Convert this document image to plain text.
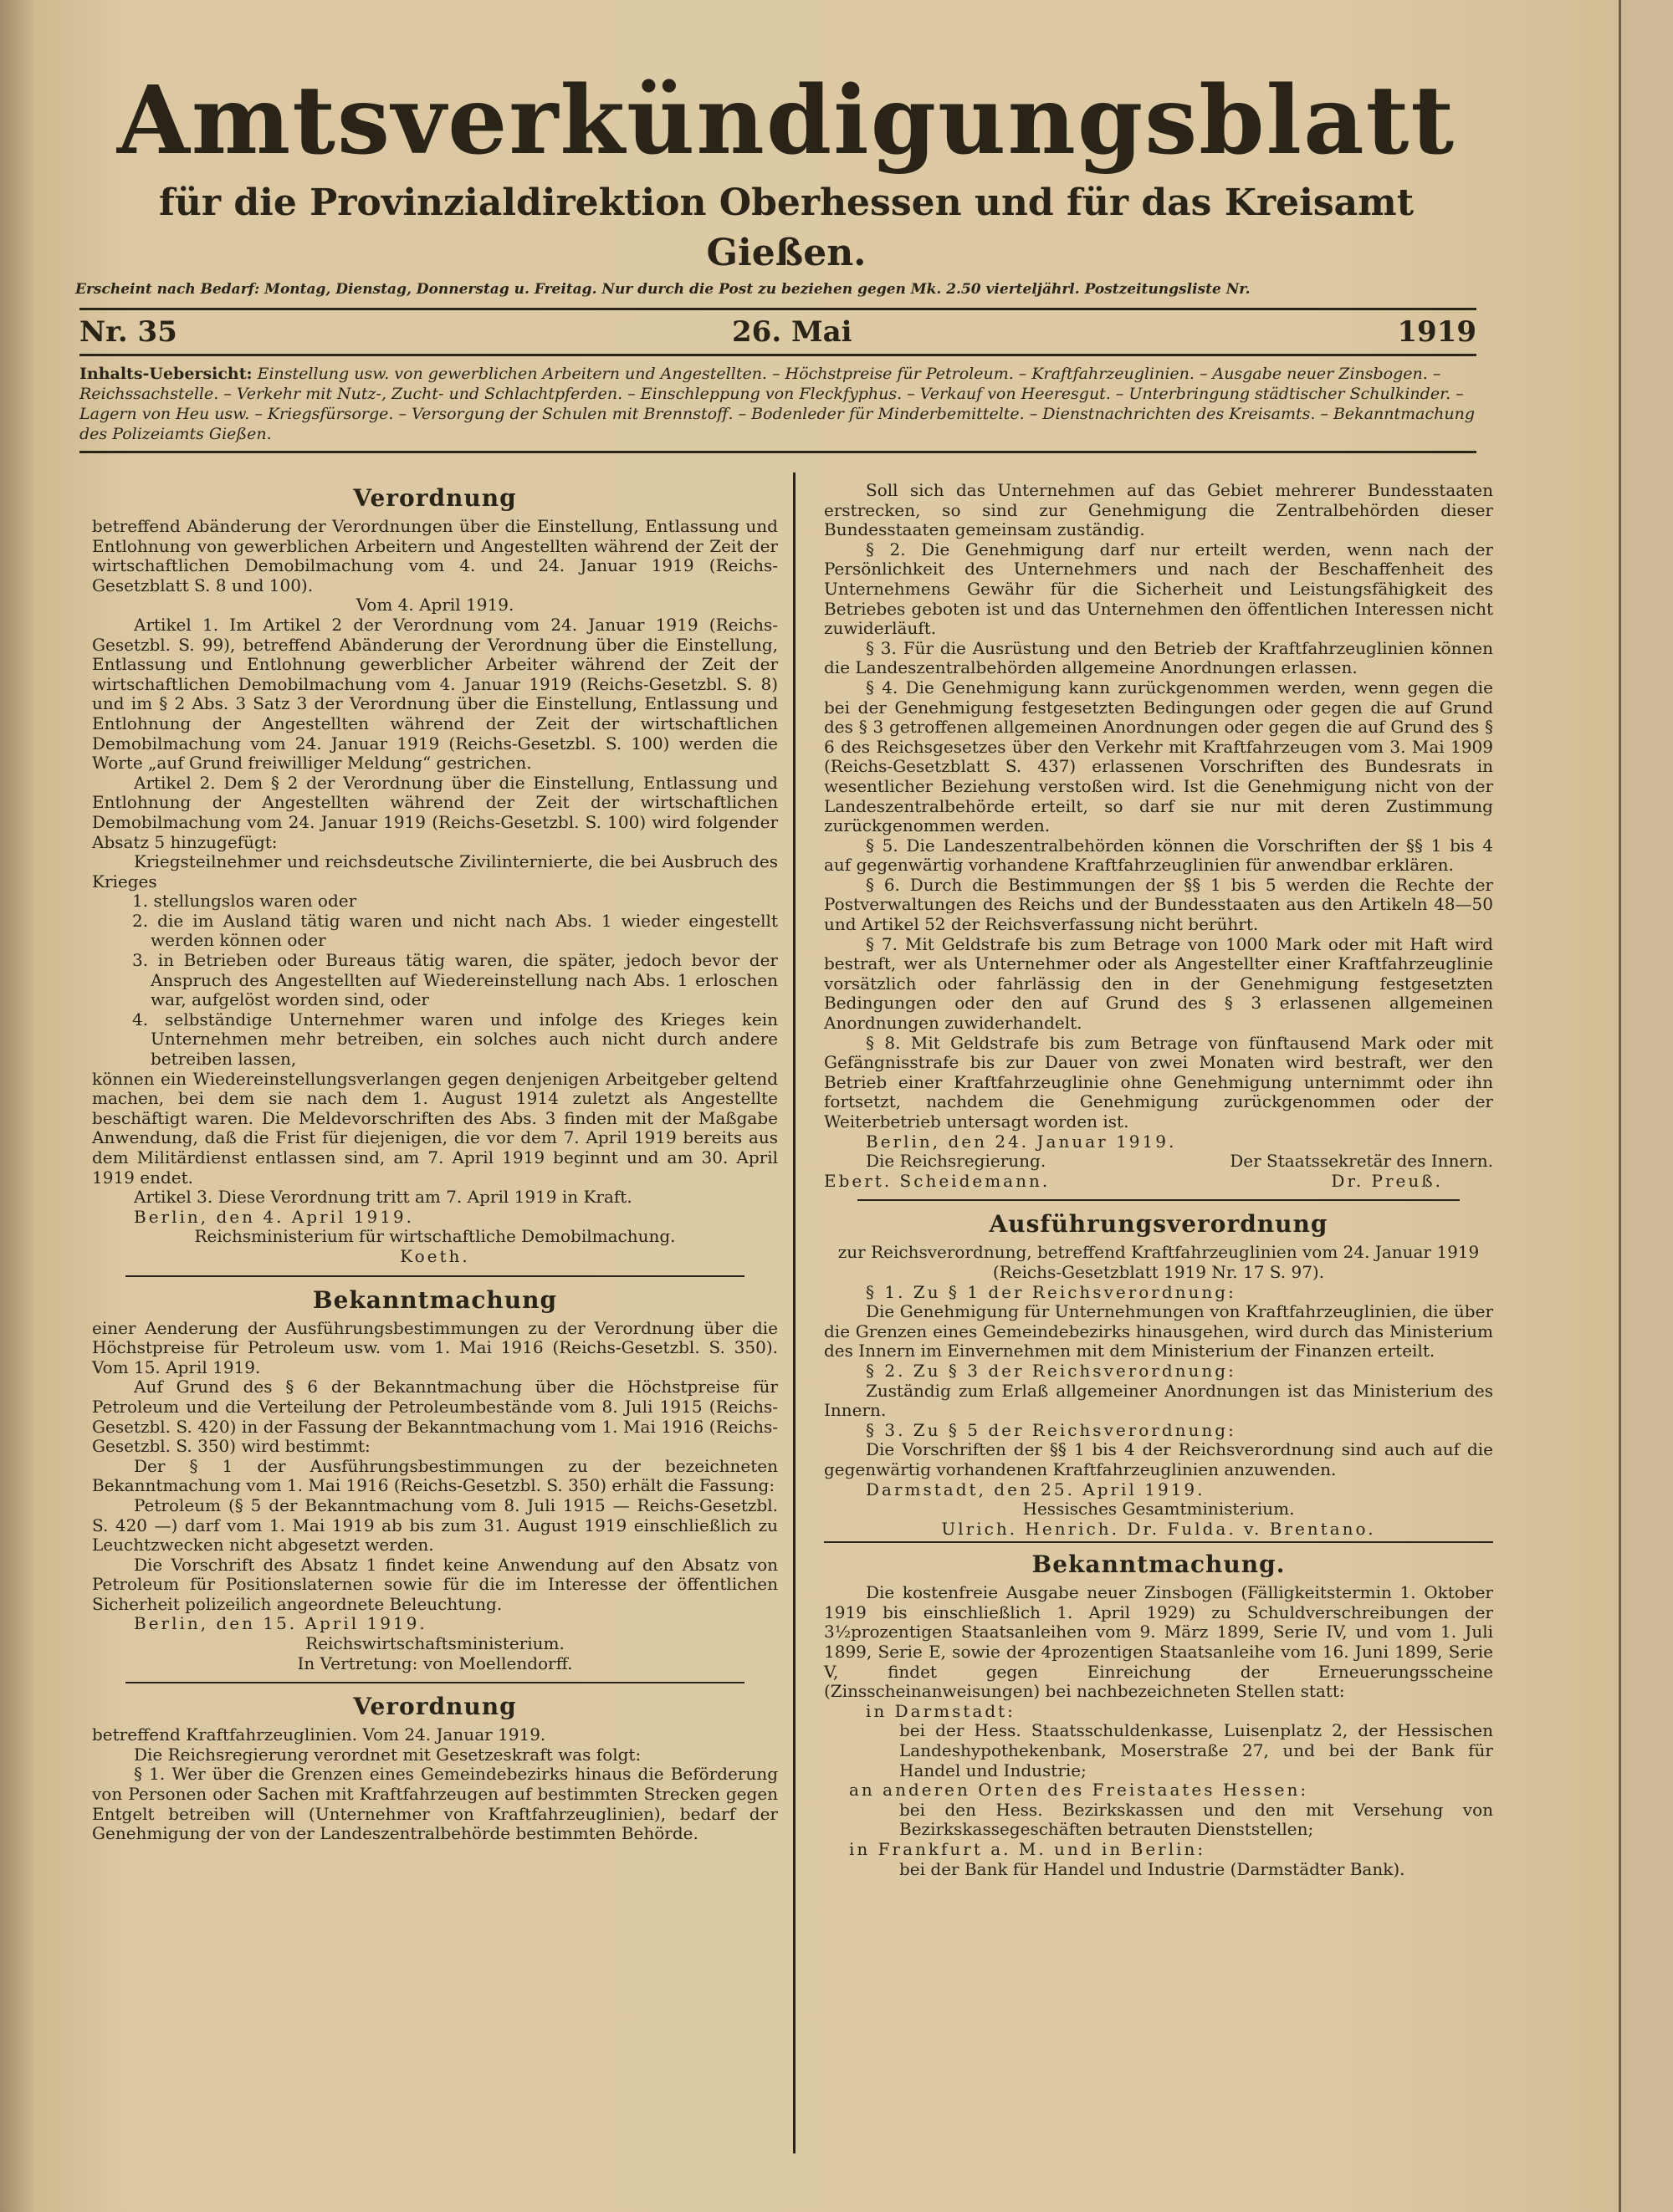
Amtsverkündigungsblatt
für die Provinzialdirektion Oberhessen und für das Kreisamt Gießen.
Erscheint nach Bedarf: Montag, Dienstag, Donnerstag u. Freitag. Nur durch die Post zu beziehen gegen Mk. 2.50 vierteljährl. Postzeitungsliste Nr.
Nr. 35	26. Mai	1919
Inhalts-Uebersicht: Einstellung usw. von gewerblichen Arbeitern und Angestellten. – Höchstpreise für Petroleum. – Kraftfahrzeuglinien. – Ausgabe neuer Zinsbogen. – Reichssachstelle. – Verkehr mit Nutz-, Zucht- und Schlachtpferden. – Einschleppung von Fleckfyphus. – Verkauf von Heeresgut. – Unterbringung städtischer Schulkinder. – Lagern von Heu usw. – Kriegsfürsorge. – Versorgung der Schulen mit Brennstoff. – Bodenleder für Minderbemittelte. – Dienstnachrichten des Kreisamts. – Bekanntmachung des Polizeiamts Gießen.
Verordnung
betreffend Abänderung der Verordnungen über die Einstellung, Entlassung und Entlohnung von gewerblichen Arbeitern und Angestellten während der Zeit der wirtschaftlichen Demobilmachung vom 4. und 24. Januar 1919 (Reichs-Gesetzblatt S. 8 und 100).
Vom 4. April 1919.
Artikel 1. Im Artikel 2 der Verordnung vom 24. Januar 1919 (Reichs-Gesetzbl. S. 99), betreffend Abänderung der Verordnung über die Einstellung, Entlassung und Entlohnung gewerblicher Arbeiter während der Zeit der wirtschaftlichen Demobilmachung vom 4. Januar 1919 (Reichs-Gesetzbl. S. 8) und im § 2 Abs. 3 Satz 3 der Verordnung über die Einstellung, Entlassung und Entlohnung der Angestellten während der Zeit der wirtschaftlichen Demobilmachung vom 24. Januar 1919 (Reichs-Gesetzbl. S. 100) werden die Worte „auf Grund freiwilliger Meldung“ gestrichen.
Artikel 2. Dem § 2 der Verordnung über die Einstellung, Entlassung und Entlohnung der Angestellten während der Zeit der wirtschaftlichen Demobilmachung vom 24. Januar 1919 (Reichs-Gesetzbl. S. 100) wird folgender Absatz 5 hinzugefügt:
Kriegsteilnehmer und reichsdeutsche Zivilinternierte, die bei Ausbruch des Krieges
1. stellungslos waren oder
2. die im Ausland tätig waren und nicht nach Abs. 1 wieder eingestellt werden können oder
3. in Betrieben oder Bureaus tätig waren, die später, jedoch bevor der Anspruch des Angestellten auf Wiedereinstellung nach Abs. 1 erloschen war, aufgelöst worden sind, oder
4. selbständige Unternehmer waren und infolge des Krieges kein Unternehmen mehr betreiben, ein solches auch nicht durch andere betreiben lassen,
können ein Wiedereinstellungsverlangen gegen denjenigen Arbeitgeber geltend machen, bei dem sie nach dem 1. August 1914 zuletzt als Angestellte beschäftigt waren. Die Meldevorschriften des Abs. 3 finden mit der Maßgabe Anwendung, daß die Frist für diejenigen, die vor dem 7. April 1919 bereits aus dem Militärdienst entlassen sind, am 7. April 1919 beginnt und am 30. April 1919 endet.
Artikel 3. Diese Verordnung tritt am 7. April 1919 in Kraft.
Berlin, den 4. April 1919.
Reichsministerium für wirtschaftliche Demobilmachung.
Koeth.
Bekanntmachung
einer Aenderung der Ausführungsbestimmungen zu der Verordnung über die Höchstpreise für Petroleum usw. vom 1. Mai 1916 (Reichs-Gesetzbl. S. 350). Vom 15. April 1919.
Auf Grund des § 6 der Bekanntmachung über die Höchstpreise für Petroleum und die Verteilung der Petroleumbestände vom 8. Juli 1915 (Reichs-Gesetzbl. S. 420) in der Fassung der Bekanntmachung vom 1. Mai 1916 (Reichs-Gesetzbl. S. 350) wird bestimmt:
Der § 1 der Ausführungsbestimmungen zu der bezeichneten Bekanntmachung vom 1. Mai 1916 (Reichs-Gesetzbl. S. 350) erhält die Fassung:
Petroleum (§ 5 der Bekanntmachung vom 8. Juli 1915 — Reichs-Gesetzbl. S. 420 —) darf vom 1. Mai 1919 ab bis zum 31. August 1919 einschließlich zu Leuchtzwecken nicht abgesetzt werden.
Die Vorschrift des Absatz 1 findet keine Anwendung auf den Absatz von Petroleum für Positionslaternen sowie für die im Interesse der öffentlichen Sicherheit polizeilich angeordnete Beleuchtung.
Berlin, den 15. April 1919.
Reichswirtschaftsministerium.
In Vertretung: von Moellendorff.
Verordnung
betreffend Kraftfahrzeuglinien. Vom 24. Januar 1919.
Die Reichsregierung verordnet mit Gesetzeskraft was folgt:
§ 1. Wer über die Grenzen eines Gemeindebezirks hinaus die Beförderung von Personen oder Sachen mit Kraftfahrzeugen auf bestimmten Strecken gegen Entgelt betreiben will (Unternehmer von Kraftfahrzeuglinien), bedarf der Genehmigung der von der Landeszentralbehörde bestimmten Behörde.
Soll sich das Unternehmen auf das Gebiet mehrerer Bundesstaaten erstrecken, so sind zur Genehmigung die Zentralbehörden dieser Bundesstaaten gemeinsam zuständig.
§ 2. Die Genehmigung darf nur erteilt werden, wenn nach der Persönlichkeit des Unternehmers und nach der Beschaffenheit des Unternehmens Gewähr für die Sicherheit und Leistungsfähigkeit des Betriebes geboten ist und das Unternehmen den öffentlichen Interessen nicht zuwiderläuft.
§ 3. Für die Ausrüstung und den Betrieb der Kraftfahrzeuglinien können die Landeszentralbehörden allgemeine Anordnungen erlassen.
§ 4. Die Genehmigung kann zurückgenommen werden, wenn gegen die bei der Genehmigung festgesetzten Bedingungen oder gegen die auf Grund des § 3 getroffenen allgemeinen Anordnungen oder gegen die auf Grund des § 6 des Reichsgesetzes über den Verkehr mit Kraftfahrzeugen vom 3. Mai 1909 (Reichs-Gesetzblatt S. 437) erlassenen Vorschriften des Bundesrats in wesentlicher Beziehung verstoßen wird. Ist die Genehmigung nicht von der Landeszentralbehörde erteilt, so darf sie nur mit deren Zustimmung zurückgenommen werden.
§ 5. Die Landeszentralbehörden können die Vorschriften der §§ 1 bis 4 auf gegenwärtig vorhandene Kraftfahrzeuglinien für anwendbar erklären.
§ 6. Durch die Bestimmungen der §§ 1 bis 5 werden die Rechte der Postverwaltungen des Reichs und der Bundesstaaten aus den Artikeln 48—50 und Artikel 52 der Reichsverfassung nicht berührt.
§ 7. Mit Geldstrafe bis zum Betrage von 1000 Mark oder mit Haft wird bestraft, wer als Unternehmer oder als Angestellter einer Kraftfahrzeuglinie vorsätzlich oder fahrlässig den in der Genehmigung festgesetzten Bedingungen oder den auf Grund des § 3 erlassenen allgemeinen Anordnungen zuwiderhandelt.
§ 8. Mit Geldstrafe bis zum Betrage von fünftausend Mark oder mit Gefängnisstrafe bis zur Dauer von zwei Monaten wird bestraft, wer den Betrieb einer Kraftfahrzeuglinie ohne Genehmigung unternimmt oder ihn fortsetzt, nachdem die Genehmigung zurückgenommen oder der Weiterbetrieb untersagt worden ist.
Berlin, den 24. Januar 1919.
Die Reichsregierung.	Der Staatssekretär des Innern.
Ebert. Scheidemann.	Dr. Preuß.
Ausführungsverordnung
zur Reichsverordnung, betreffend Kraftfahrzeuglinien vom 24. Januar 1919 (Reichs-Gesetzblatt 1919 Nr. 17 S. 97).
§ 1. Zu § 1 der Reichsverordnung:
Die Genehmigung für Unternehmungen von Kraftfahrzeuglinien, die über die Grenzen eines Gemeindebezirks hinausgehen, wird durch das Ministerium des Innern im Einvernehmen mit dem Ministerium der Finanzen erteilt.
§ 2. Zu § 3 der Reichsverordnung:
Zuständig zum Erlaß allgemeiner Anordnungen ist das Ministerium des Innern.
§ 3. Zu § 5 der Reichsverordnung:
Die Vorschriften der §§ 1 bis 4 der Reichsverordnung sind auch auf die gegenwärtig vorhandenen Kraftfahrzeuglinien anzuwenden.
Darmstadt, den 25. April 1919.
Hessisches Gesamtministerium.
Ulrich. Henrich. Dr. Fulda. v. Brentano.
Bekanntmachung.
Die kostenfreie Ausgabe neuer Zinsbogen (Fälligkeitstermin 1. Oktober 1919 bis einschließlich 1. April 1929) zu Schuldverschreibungen der 3½prozentigen Staatsanleihen vom 9. März 1899, Serie IV, und vom 1. Juli 1899, Serie E, sowie der 4prozentigen Staatsanleihe vom 16. Juni 1899, Serie V, findet gegen Einreichung der Erneuerungsscheine (Zinsscheinanweisungen) bei nachbezeichneten Stellen statt:
in Darmstadt:
bei der Hess. Staatsschuldenkasse, Luisenplatz 2, der Hessischen Landeshypothekenbank, Moserstraße 27, und bei der Bank für Handel und Industrie;
an anderen Orten des Freistaates Hessen:
bei den Hess. Bezirkskassen und den mit Versehung von Bezirkskassegeschäften betrauten Dienststellen;
in Frankfurt a. M. und in Berlin:
bei der Bank für Handel und Industrie (Darmstädter Bank).
